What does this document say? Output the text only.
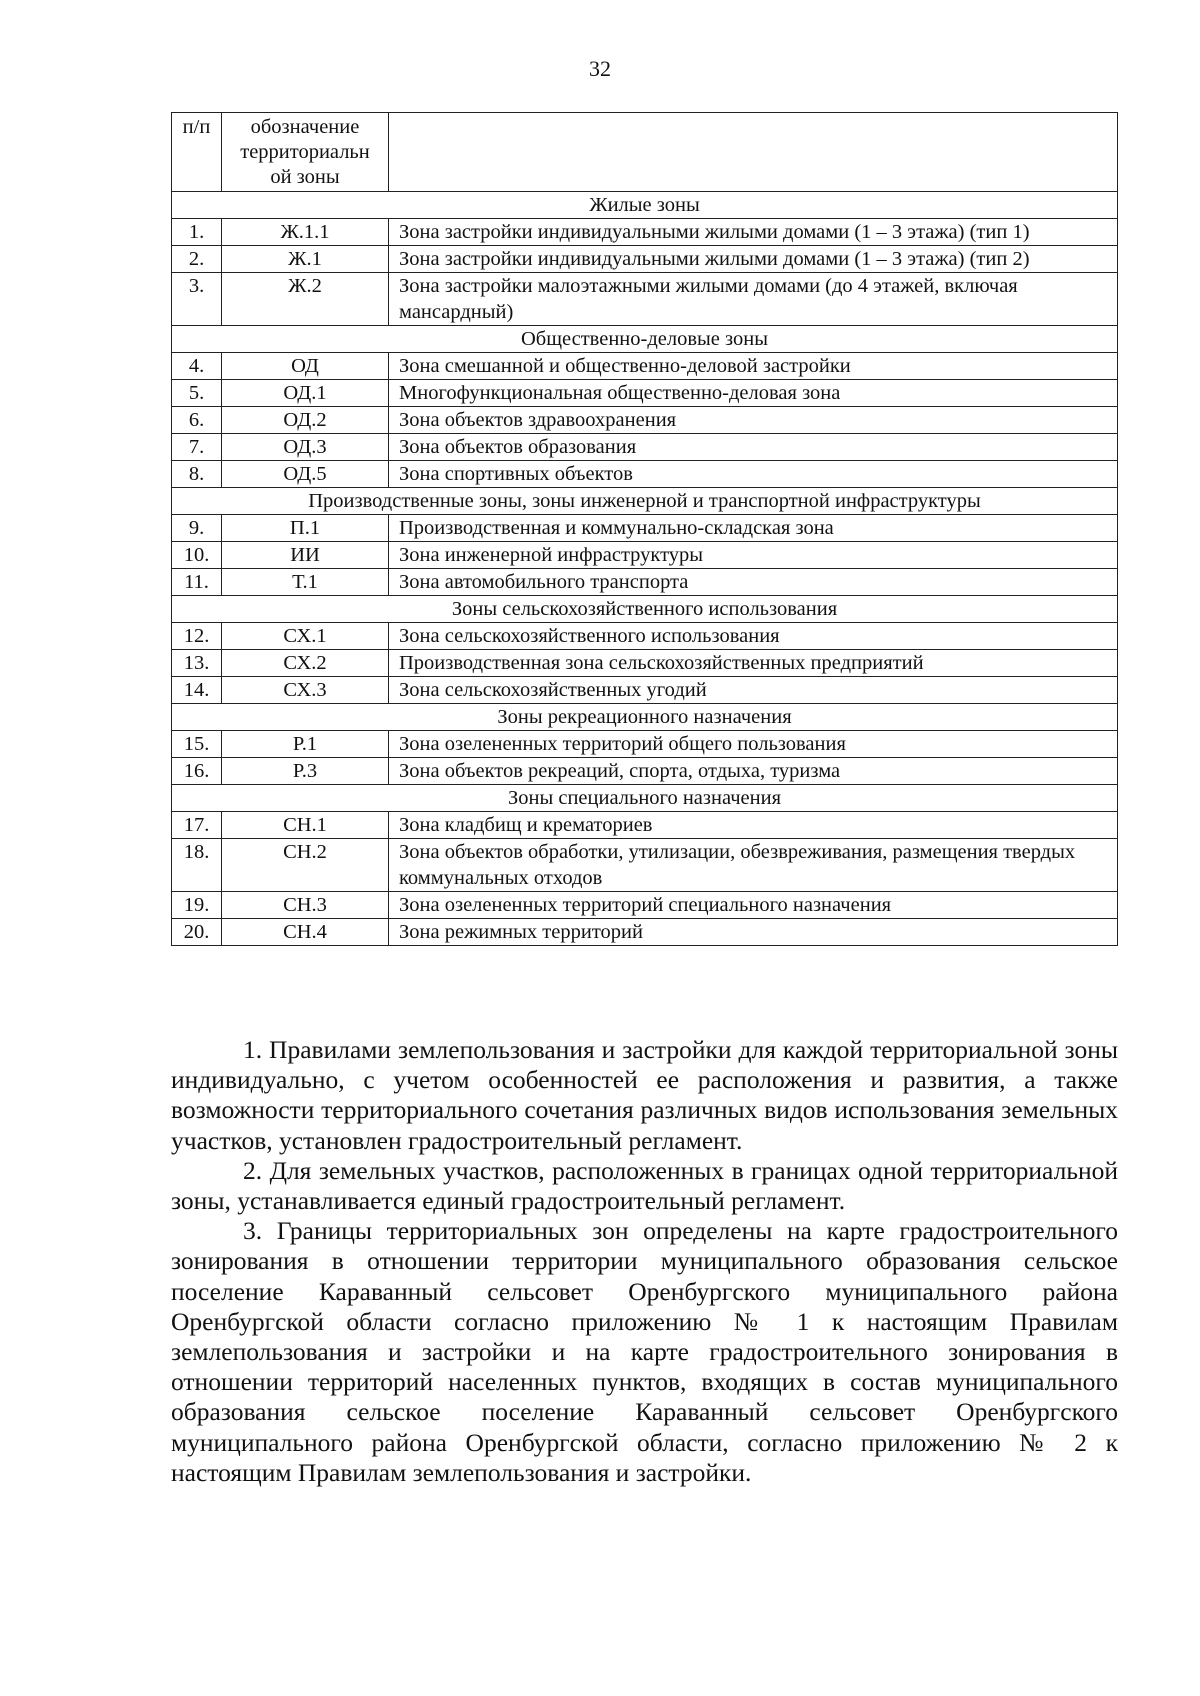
32
п/п	обозначение территориальн ой зоны	
Жилые зоны		
1.	Ж.1.1	Зона застройки индивидуальными жилыми домами (1 – 3 этажа) (тип 1)
2.	Ж.1	Зона застройки индивидуальными жилыми домами (1 – 3 этажа) (тип 2)
3.	Ж.2	Зона застройки малоэтажными жилыми домами (до 4 этажей, включая мансардный)
Общественно-деловые зоны		
4.	ОД	Зона смешанной и общественно-деловой застройки
5.	ОД.1	Многофункциональная общественно-деловая зона
6.	ОД.2	Зона объектов здравоохранения
7.	ОД.3	Зона объектов образования
8.	ОД.5	Зона спортивных объектов
Производственные зоны, зоны инженерной и транспортной инфраструктуры		
9.	П.1	Производственная и коммунально-складская зона
10.	ИИ	Зона инженерной инфраструктуры
11.	Т.1	Зона автомобильного транспорта
Зоны сельскохозяйственного использования		
12.	СХ.1	Зона сельскохозяйственного использования
13.	СХ.2	Производственная зона сельскохозяйственных предприятий
14.	СХ.3	Зона сельскохозяйственных угодий
Зоны рекреационного назначения		
15.	Р.1	Зона озелененных территорий общего пользования
16.	Р.3	Зона объектов рекреаций, спорта, отдыха, туризма
Зоны специального назначения		
17.	СН.1	Зона кладбищ и крематориев
18.	СН.2	Зона объектов обработки, утилизации, обезвреживания, размещения твердых коммунальных отходов
19.	СН.3	Зона озелененных территорий специального назначения
20.	СН.4	Зона режимных территорий

1. Правилами землепользования и застройки для каждой территориальной зоны индивидуально, с учетом особенностей ее расположения и развития, а также возможности территориального сочетания различных видов использования земельных участков, установлен градостроительный регламент.

2. Для земельных участков, расположенных в границах одной территориальной зоны, устанавливается единый градостроительный регламент.

3. Границы территориальных зон определены на карте градостроительного зонирования в отношении территории муниципального образования сельское поселение Караванный сельсовет Оренбургского муниципального района Оренбургской области согласно приложению № 1 к настоящим Правилам землепользования и застройки и на карте градостроительного зонирования в отношении территорий населенных пунктов, входящих в состав муниципального образования сельское поселение Караванный сельсовет Оренбургского муниципального района Оренбургской области, согласно приложению № 2 к настоящим Правилам землепользования и застройки.
